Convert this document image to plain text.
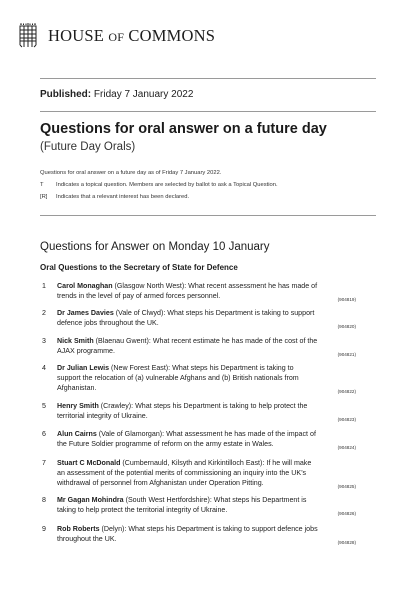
HOUSE OF COMMONS
Published: Friday 7 January 2022
Questions for oral answer on a future day
(Future Day Orals)
Questions for oral answer on a future day as of Friday 7 January 2022.
T	Indicates a topical question. Members are selected by ballot to ask a Topical Question.
[R]	Indicates that a relevant interest has been declared.
Questions for Answer on Monday 10 January
Oral Questions to the Secretary of State for Defence
1 Carol Monaghan (Glasgow North West): What recent assessment he has made of
trends in the level of pay of armed forces personnel.	(904819)
2 Dr James Davies (Vale of Clwyd): What steps his Department is taking to support
defence jobs throughout the UK.	(904820)
3 Nick Smith (Blaenau Gwent): What recent estimate he has made of the cost of the
AJAX programme.	(904821)
4 Dr Julian Lewis (New Forest East): What steps his Department is taking to
support the relocation of (a) vulnerable Afghans and (b) British nationals from
Afghanistan.	(904822)
5 Henry Smith (Crawley): What steps his Department is taking to help protect the
territorial integrity of Ukraine.	(904823)
6 Alun Cairns (Vale of Glamorgan): What assessment he has made of the impact of
the Future Soldier programme of reform on the army estate in Wales.	(904824)
7 Stuart C McDonald (Cumbernauld, Kilsyth and Kirkintilloch East): If he will make
an assessment of the potential merits of commissioning an inquiry into the UK’s
withdrawal of personnel from Afghanistan under Operation Pitting.	(904825)
8 Mr Gagan Mohindra (South West Hertfordshire): What steps his Department is
taking to help protect the territorial integrity of Ukraine.	(904826)
9 Rob Roberts (Delyn): What steps his Department is taking to support defence jobs
throughout the UK.	(904828)
